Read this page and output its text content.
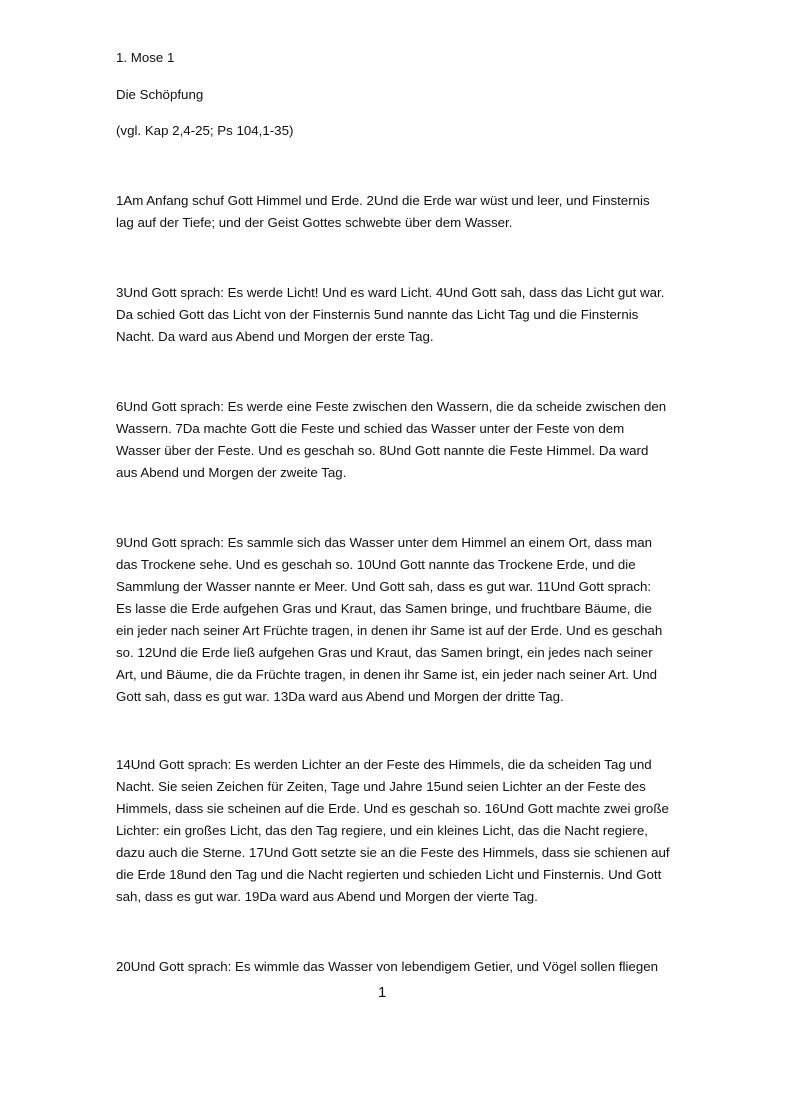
1. Mose 1

Die Schöpfung

(vgl. Kap 2,4-25; Ps 104,1-35)

1Am Anfang schuf Gott Himmel und Erde. 2Und die Erde war wüst und leer, und Finsternis

lag auf der Tiefe; und der Geist Gottes schwebte über dem Wasser.

3Und Gott sprach: Es werde Licht! Und es ward Licht. 4Und Gott sah, dass das Licht gut war.

Da schied Gott das Licht von der Finsternis 5und nannte das Licht Tag und die Finsternis

Nacht. Da ward aus Abend und Morgen der erste Tag.

6Und Gott sprach: Es werde eine Feste zwischen den Wassern, die da scheide zwischen den

Wassern. 7Da machte Gott die Feste und schied das Wasser unter der Feste von dem

Wasser über der Feste. Und es geschah so. 8Und Gott nannte die Feste Himmel. Da ward

aus Abend und Morgen der zweite Tag.

9Und Gott sprach: Es sammle sich das Wasser unter dem Himmel an einem Ort, dass man

das Trockene sehe. Und es geschah so. 10Und Gott nannte das Trockene Erde, und die

Sammlung der Wasser nannte er Meer. Und Gott sah, dass es gut war. 11Und Gott sprach:

Es lasse die Erde aufgehen Gras und Kraut, das Samen bringe, und fruchtbare Bäume, die

ein jeder nach seiner Art Früchte tragen, in denen ihr Same ist auf der Erde. Und es geschah

so. 12Und die Erde ließ aufgehen Gras und Kraut, das Samen bringt, ein jedes nach seiner

Art, und Bäume, die da Früchte tragen, in denen ihr Same ist, ein jeder nach seiner Art. Und

Gott sah, dass es gut war. 13Da ward aus Abend und Morgen der dritte Tag.

14Und Gott sprach: Es werden Lichter an der Feste des Himmels, die da scheiden Tag und

Nacht. Sie seien Zeichen für Zeiten, Tage und Jahre 15und seien Lichter an der Feste des

Himmels, dass sie scheinen auf die Erde. Und es geschah so. 16Und Gott machte zwei große

Lichter: ein großes Licht, das den Tag regiere, und ein kleines Licht, das die Nacht regiere,

dazu auch die Sterne. 17Und Gott setzte sie an die Feste des Himmels, dass sie schienen auf

die Erde 18und den Tag und die Nacht regierten und schieden Licht und Finsternis. Und Gott

sah, dass es gut war. 19Da ward aus Abend und Morgen der vierte Tag.

20Und Gott sprach: Es wimmle das Wasser von lebendigem Getier, und Vögel sollen fliegen

1
